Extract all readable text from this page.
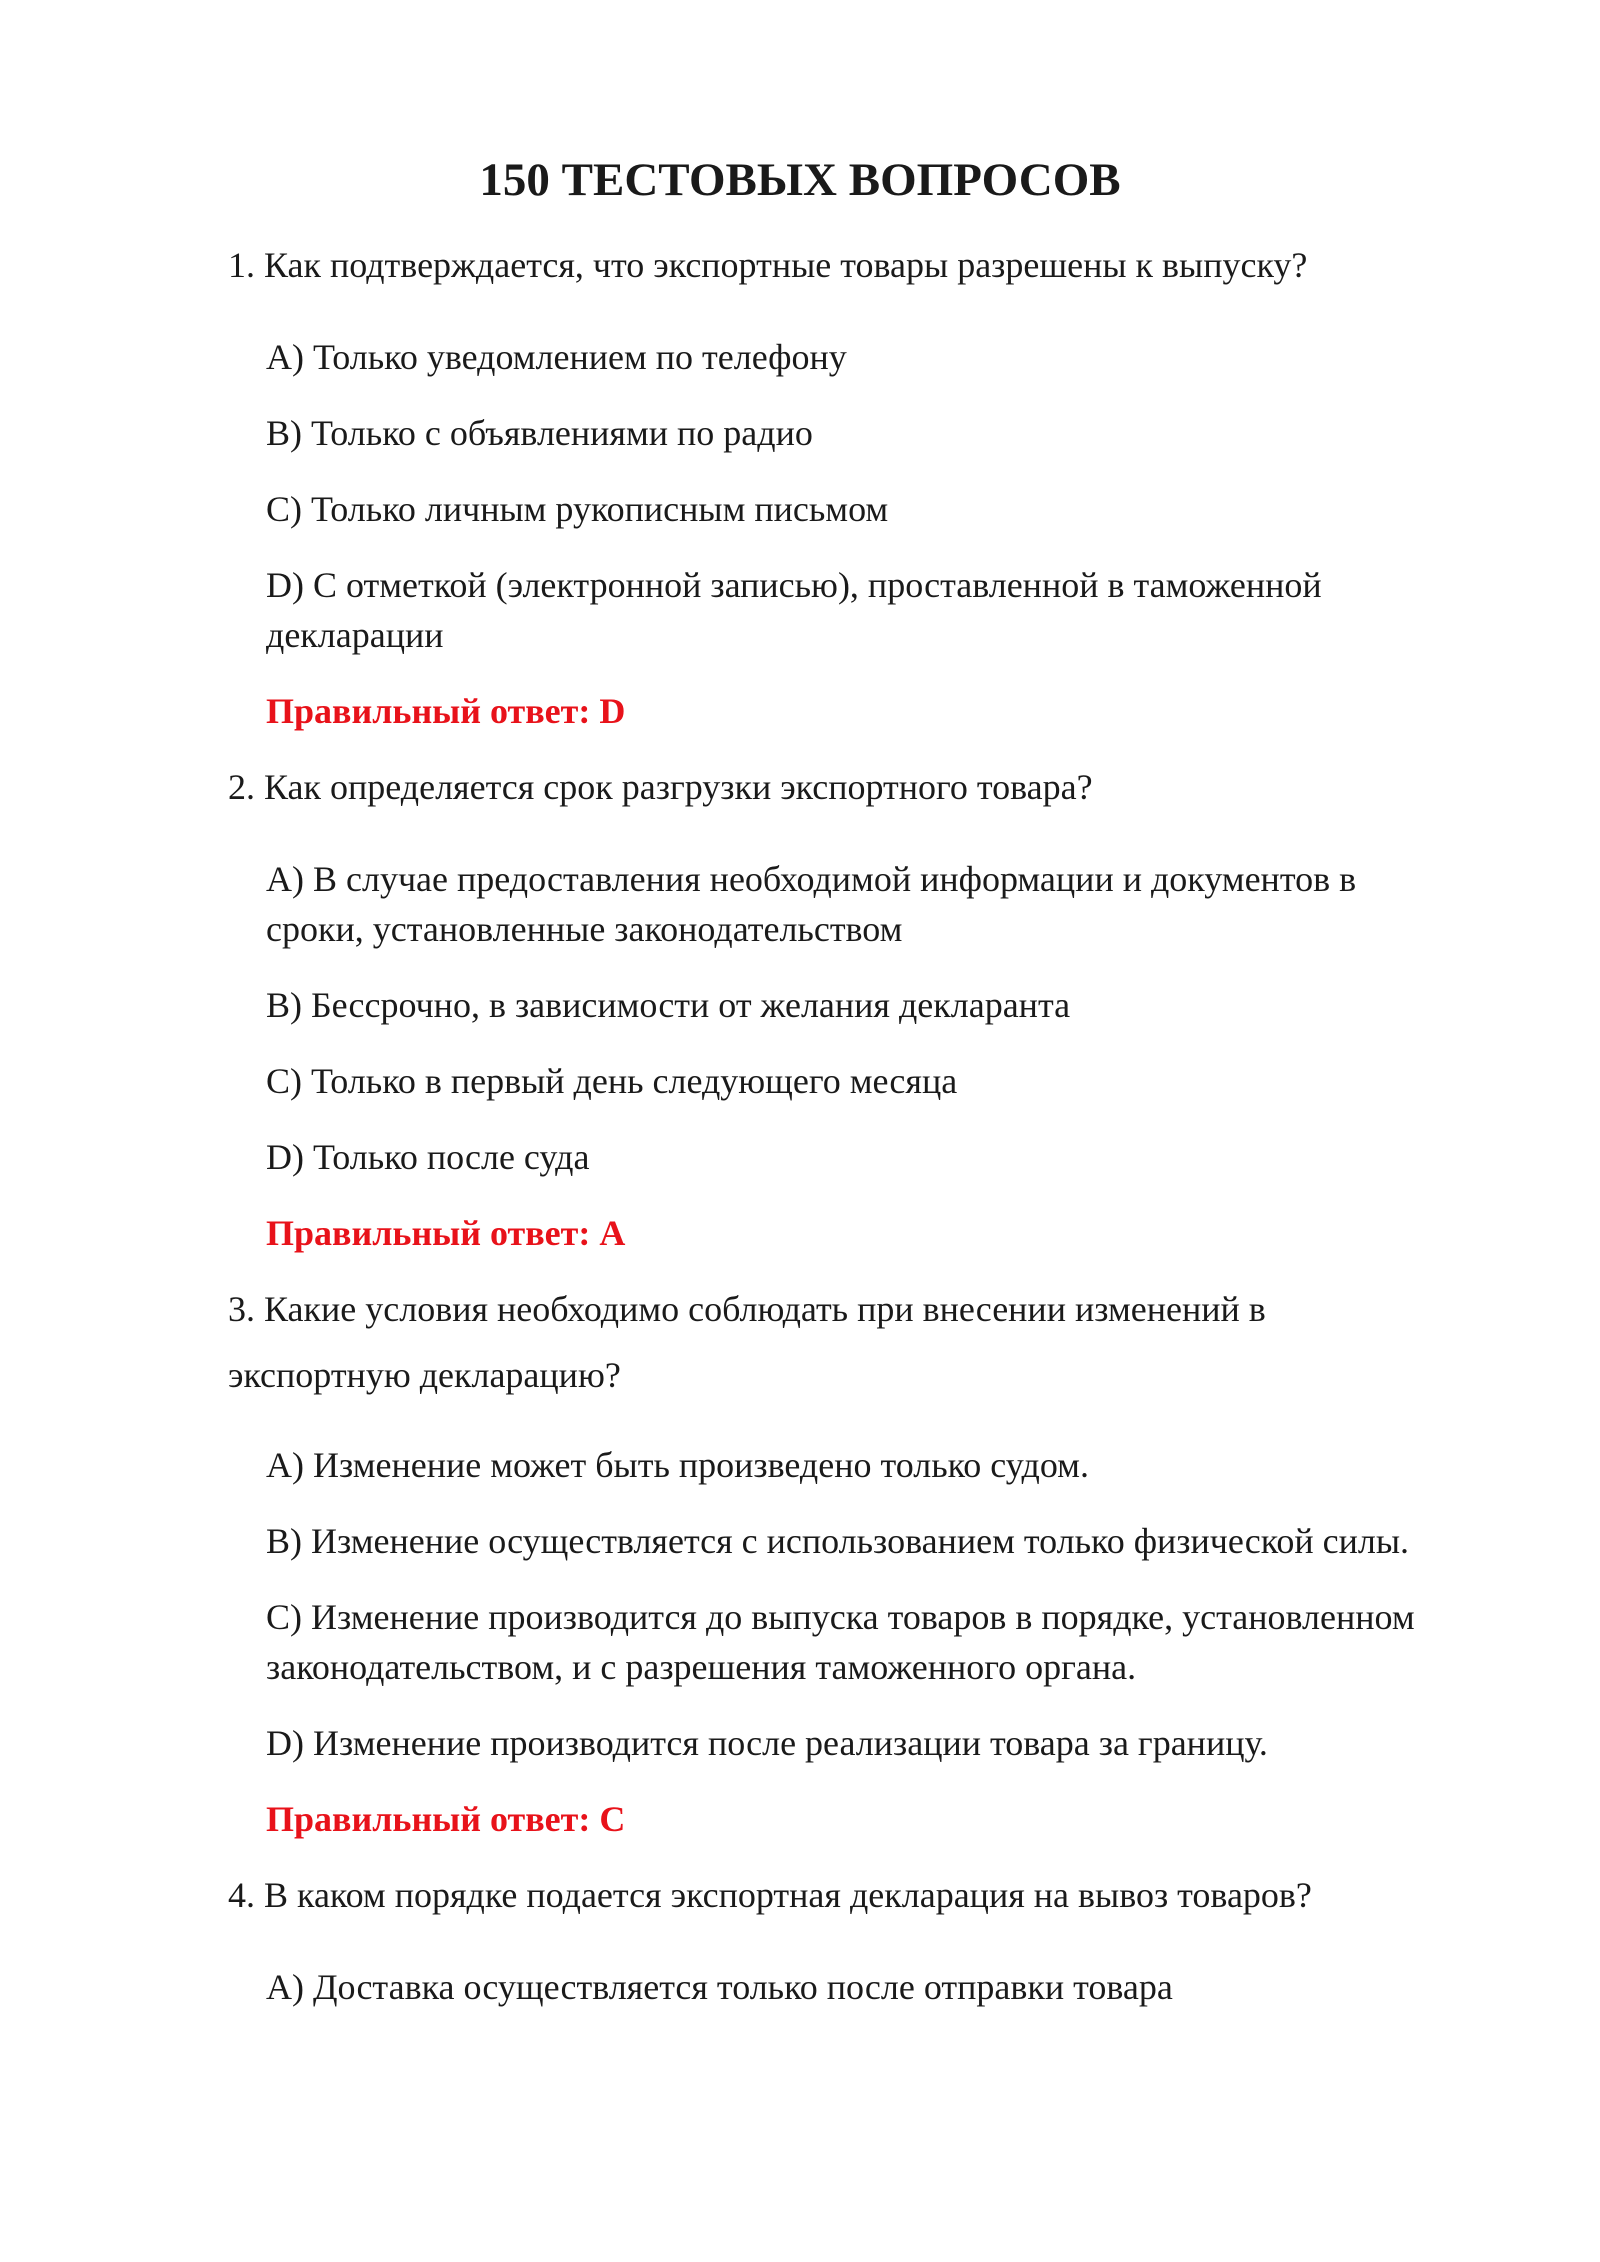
150 ТЕСТОВЫХ ВОПРОСОВ
1. Как подтверждается, что экспортные товары разрешены к выпуску?
A) Только уведомлением по телефону
B) Только с объявлениями по радио
C) Только личным рукописным письмом
D) С отметкой (электронной записью), проставленной в таможенной
декларации
Правильный ответ: D
2. Как определяется срок разгрузки экспортного товара?
A) В случае предоставления необходимой информации и документов в
сроки, установленные законодательством
B) Бессрочно, в зависимости от желания декларанта
C) Только в первый день следующего месяца
D) Только после суда
Правильный ответ: A
3. Какие условия необходимо соблюдать при внесении изменений в
экспортную декларацию?
A) Изменение может быть произведено только судом.
B) Изменение осуществляется с использованием только физической силы.
C) Изменение производится до выпуска товаров в порядке, установленном
законодательством, и с разрешения таможенного органа.
D) Изменение производится после реализации товара за границу.
Правильный ответ: C
4. В каком порядке подается экспортная декларация на вывоз товаров?
A) Доставка осуществляется только после отправки товара
